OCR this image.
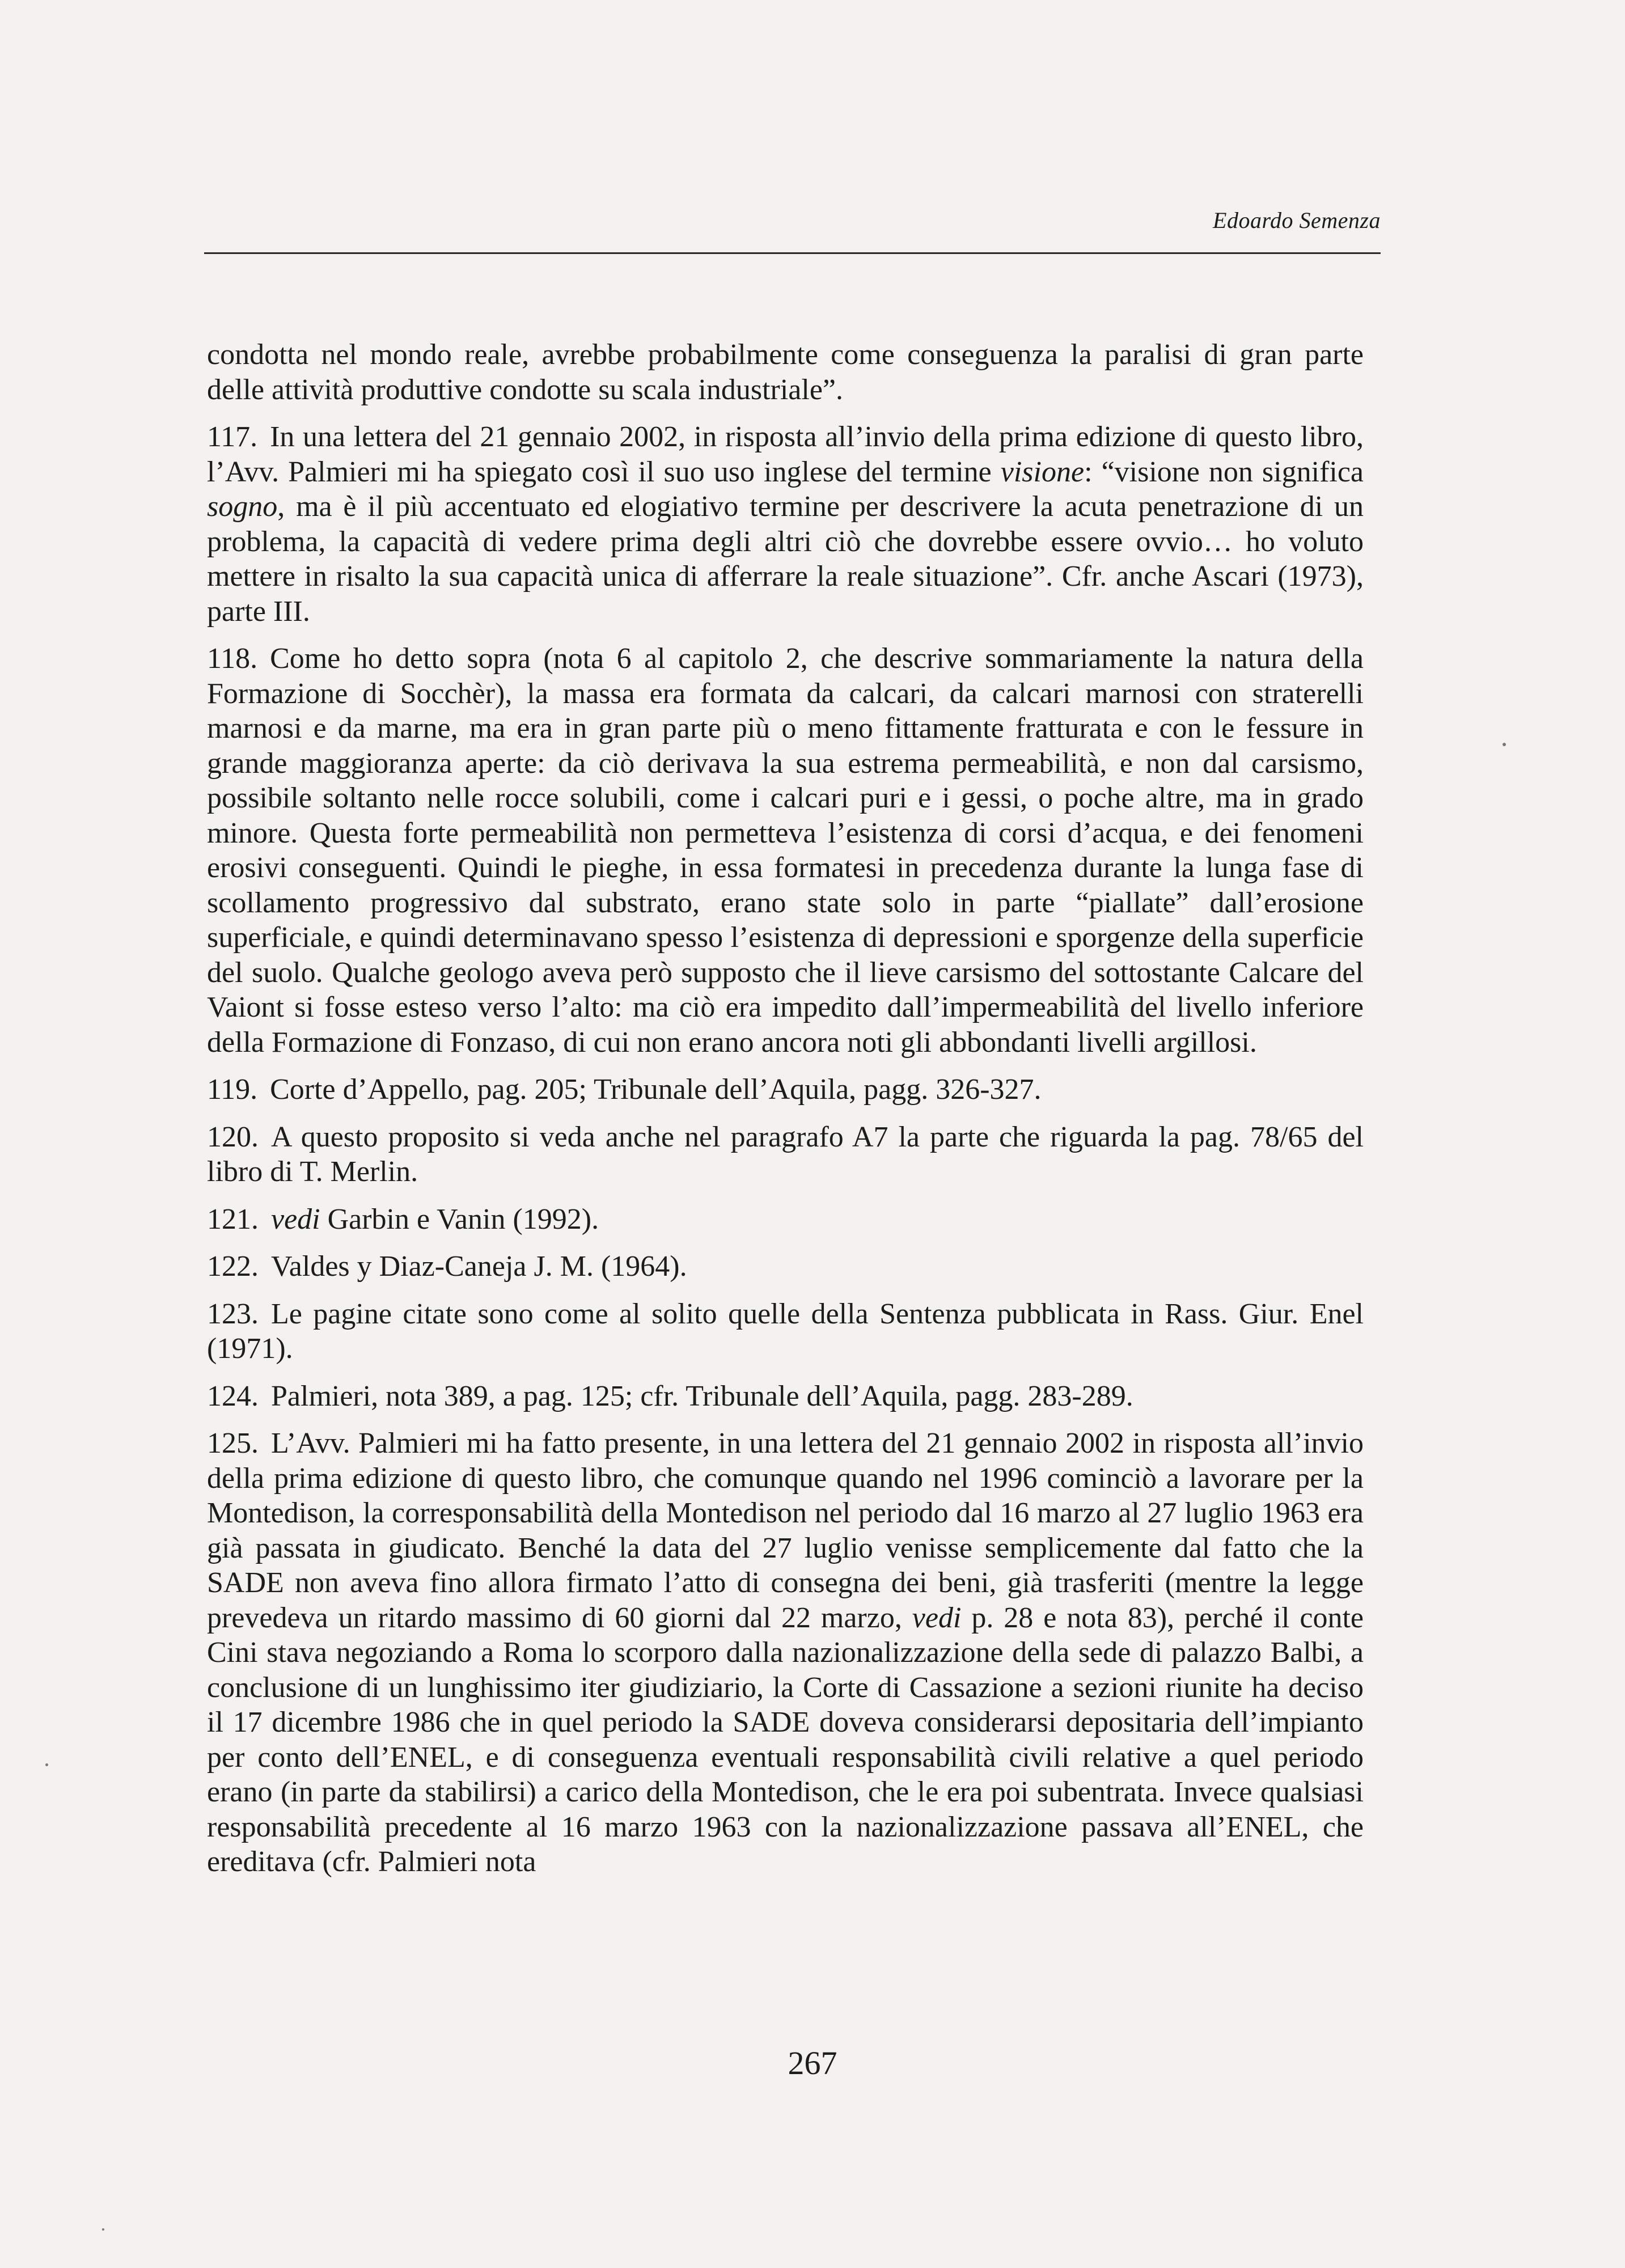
Edoardo Semenza

condotta nel mondo reale, avrebbe probabilmente come conseguenza la paralisi di gran parte delle attività produttive condotte su scala industriale”.

117. In una lettera del 21 gennaio 2002, in risposta all’invio della prima edizione di questo libro, l’Avv. Palmieri mi ha spiegato così il suo uso inglese del termine visione: “visione non significa sogno, ma è il più accentuato ed elogiativo termine per descrivere la acuta penetrazione di un problema, la capacità di vedere prima degli altri ciò che dovrebbe essere ovvio… ho voluto mettere in risalto la sua capacità unica di afferrare la reale situazione”. Cfr. anche Ascari (1973), parte III.

118. Come ho detto sopra (nota 6 al capitolo 2, che descrive sommariamente la natura della Formazione di Socchèr), la massa era formata da calcari, da calcari marnosi con straterelli marnosi e da marne, ma era in gran parte più o meno fittamente fratturata e con le fessure in grande maggioranza aperte: da ciò derivava la sua estrema permeabilità, e non dal carsismo, possibile soltanto nelle rocce solubili, come i calcari puri e i gessi, o poche altre, ma in grado minore. Questa forte permeabilità non permetteva l’esistenza di corsi d’acqua, e dei fenomeni erosivi conseguenti. Quindi le pieghe, in essa formatesi in precedenza durante la lunga fase di scollamento progressivo dal substrato, erano state solo in parte “piallate” dall’erosione superficiale, e quindi determinavano spesso l’esistenza di depressioni e sporgenze della superficie del suolo. Qualche geologo aveva però supposto che il lieve carsismo del sottostante Calcare del Vaiont si fosse esteso verso l’alto: ma ciò era impedito dall’impermeabilità del livello inferiore della Formazione di Fonzaso, di cui non erano ancora noti gli abbondanti livelli argillosi.

119. Corte d’Appello, pag. 205; Tribunale dell’Aquila, pagg. 326-327.

120. A questo proposito si veda anche nel paragrafo A7 la parte che riguarda la pag. 78/65 del libro di T. Merlin.

121. vedi Garbin e Vanin (1992).

122. Valdes y Diaz-Caneja J. M. (1964).

123. Le pagine citate sono come al solito quelle della Sentenza pubblicata in Rass. Giur. Enel (1971).

124. Palmieri, nota 389, a pag. 125; cfr. Tribunale dell’Aquila, pagg. 283-289.

125. L’Avv. Palmieri mi ha fatto presente, in una lettera del 21 gennaio 2002 in risposta all’invio della prima edizione di questo libro, che comunque quando nel 1996 cominciò a lavorare per la Montedison, la corresponsabilità della Montedison nel periodo dal 16 marzo al 27 luglio 1963 era già passata in giudicato. Benché la data del 27 luglio venisse semplicemente dal fatto che la SADE non aveva fino allora firmato l’atto di consegna dei beni, già trasferiti (mentre la legge prevedeva un ritardo massimo di 60 giorni dal 22 marzo, vedi p. 28 e nota 83), perché il conte Cini stava negoziando a Roma lo scorporo dalla nazionalizzazione della sede di palazzo Balbi, a conclusione di un lunghissimo iter giudiziario, la Corte di Cassazione a sezioni riunite ha deciso il 17 dicembre 1986 che in quel periodo la SADE doveva considerarsi depositaria dell’impianto per conto dell’ENEL, e di conseguenza eventuali responsabilità civili relative a quel periodo erano (in parte da stabilirsi) a carico della Montedison, che le era poi subentrata. Invece qualsiasi responsabilità precedente al 16 marzo 1963 con la nazionalizzazione passava all’ENEL, che ereditava (cfr. Palmieri nota

267
